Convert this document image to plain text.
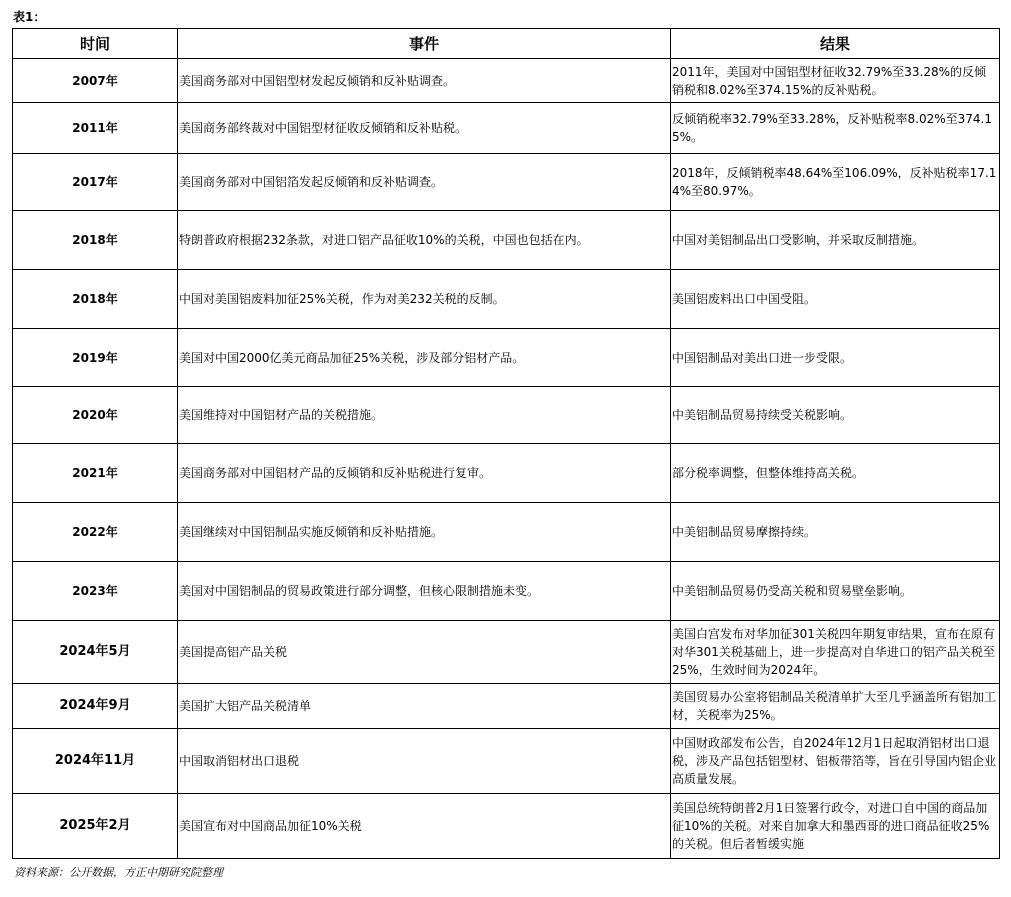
表1：
时间	事件	结果
2007年	美国商务部对中国铝型材发起反倾销和反补贴调查。	2011年，美国对中国铝型材征收32.79%至33.28%的反倾销税和8.02%至374.15%的反补贴税。
2011年	美国商务部终裁对中国铝型材征收反倾销和反补贴税。	反倾销税率32.79%至33.28%，反补贴税率8.02%至374.15%。
2017年	美国商务部对中国铝箔发起反倾销和反补贴调查。	2018年，反倾销税率48.64%至106.09%，反补贴税率17.14%至80.97%。
2018年	特朗普政府根据232条款，对进口铝产品征收10%的关税，中国也包括在内。	中国对美铝制品出口受影响，并采取反制措施。
2018年	中国对美国铝废料加征25%关税，作为对美232关税的反制。	美国铝废料出口中国受阻。
2019年	美国对中国2000亿美元商品加征25%关税，涉及部分铝材产品。	中国铝制品对美出口进一步受限。
2020年	美国维持对中国铝材产品的关税措施。	中美铝制品贸易持续受关税影响。
2021年	美国商务部对中国铝材产品的反倾销和反补贴税进行复审。	部分税率调整，但整体维持高关税。
2022年	美国继续对中国铝制品实施反倾销和反补贴措施。	中美铝制品贸易摩擦持续。
2023年	美国对中国铝制品的贸易政策进行部分调整，但核心限制措施未变。	中美铝制品贸易仍受高关税和贸易壁垒影响。
2024年5月	美国提高铝产品关税	美国白宫发布对华加征301关税四年期复审结果，宣布在原有对华301关税基础上，进一步提高对自华进口的铝产品关税至25%，生效时间为2024年。
2024年9月	美国扩大铝产品关税清单	美国贸易办公室将铝制品关税清单扩大至几乎涵盖所有铝加工材，关税率为25%。
2024年11月	中国取消铝材出口退税	中国财政部发布公告，自2024年12月1日起取消铝材出口退税，涉及产品包括铝型材、铝板带箔等，旨在引导国内铝企业高质量发展。
2025年2月	美国宣布对中国商品加征10%关税	美国总统特朗普2月1日签署行政令，对进口自中国的商品加征10%的关税。对来自加拿大和墨西哥的进口商品征收25%的关税。但后者暂缓实施
资料来源：公开数据，方正中期研究院整理
